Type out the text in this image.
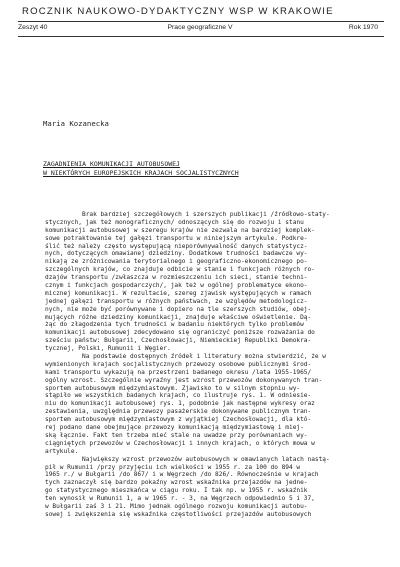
ROCZNIK NAUKOWO-DYDAKTYCZNY WSP W KRAKOWIE
Zeszyt 40	Prace geograficzne V	Rok 1970
Maria Kozanecka
ZAGADNIENIA KOMUNIKACJI AUTOBUSOWEJ
W NIEKTÓRYCH EUROPEJSKICH KRAJACH SOCJALISTYCZNYCH
Brak bardziej szczegółowych i szerszych publikacji /źródłowo-staty-
stycznych, jak też monograficznych/ odnoszących się do rozwoju i stanu
komunikacji autobusowej w szeregu krajów nie zezwala na bardziej komplek-
sowe potraktowanie tej gałęzi transportu w niniejszym artykule. Podkre-
ślić też należy często występującą nieporównywalność danych statystycz-
nych, dotyczących omawianej dziedziny. Dodatkowe trudności badawcze wy-
nikają ze zróżnicowania terytorialnego i geograficzno-ekonomicznego po-
szczególnych krajów, co znajduje odbicie w stanie i funkcjach różnych ro-
dzajów transportu /zwłaszcza w rozmieszczeniu ich sieci, stanie techni-
cznym i funkcjach gospodarczych/, jak też w ogólnej problematyce ekono-
micznej komunikacji. W rezultacie, szereg zjawisk występujących w ramach
jednej gałęzi transportu w różnych państwach, ze względów metodologicz-
nych, nie może być porównywane i dopiero na tle szerszych studiów, obej-
mujących różne dziedziny komunikacji, znajduje właściwe oświetlenie. Dą-
żąc do złagodzenia tych trudności w badaniu niektórych tylko problemów
komunikacji autobusowej zdecydowano się ograniczyć poniższe rozważania do
sześciu państw: Bułgarii, Czechosłowacji, Niemieckiej Republiki Demokra-
tycznej, Polski, Rumunii i Węgier.
Na podstawie dostępnych źródeł i literatury można stwierdzić, że w
wymienionych krajach socjalistycznych przewozy osobowe publicznymi środ-
kami transportu wykazują na przestrzeni badanego okresu /lata 1955-1965/
ogólny wzrost. Szczególnie wyraźny jest wzrost przewozów dokonywanych tran-
sportem autobusowym międzymiastowym. Zjawisko to w silnym stopniu wy-
stąpiło we wszystkich badanych krajach, co ilustruje rys. 1. W odniesie-
niu do komunikacji autobusowej rys. 1, podobnie jak następne wykresy oraz
zestawienia, uwzględnia przewozy pasażerskie dokonywane publicznym tran-
sportem autobusowym międzymiastowym z wyjątkiej Czechosłowacji, dla któ-
rej podano dane obejmujące przewozy komunikacją międzymiastową i miej-
ską łącznie. Fakt ten trzeba mieć stale na uwadze przy porównaniach wy-
ciągniętych przewozów w Czechosłowacji i innych krajach, o których mowa w
artykule.
Największy wzrost przewozów autobusowych w omawianych latach nastą-
pił w Rumunii /przy przyjęciu ich wielkości w 1955 r. za 100 do 894 w
1965 r./ w Bułgarii /do 867/ i w Węgrzech /do 826/. Równocześnie w krajach
tych zaznaczył się bardzo pokaźny wzrost wskaźnika przejazdów na jedne-
go statystycznego mieszkańca w ciągu roku. I tak np. w 1955 r. wskaźnik
ten wynosił w Rumunii 1, a w 1965 r. - 3, na Węgrzech odpowiednio 5 i 37,
w Bułgarii zaś 3 i 21. Mimo jednak ogólnego rozwoju komunikacji autobu-
sowej i zwiększenia się wskaźnika częstotliwości przejazdów autobusowych
